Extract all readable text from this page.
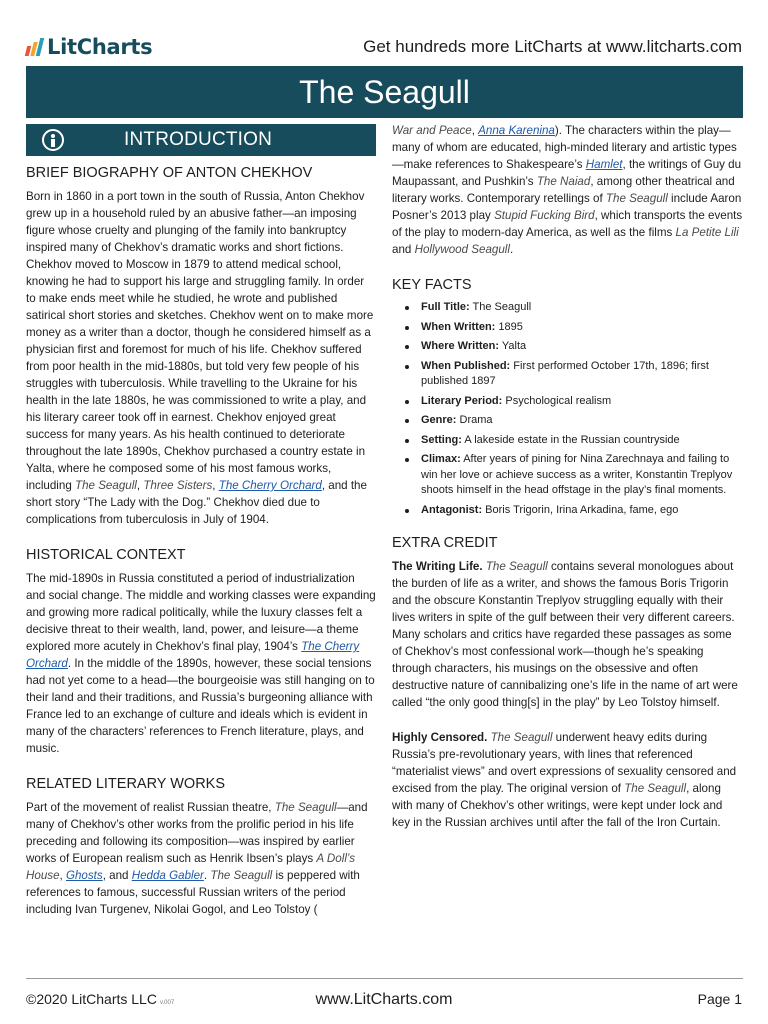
LitCharts	Get hundreds more LitCharts at www.litcharts.com
The Seagull
INTRODUCTION
BRIEF BIOGRAPHY OF ANTON CHEKHOV

Born in 1860 in a port town in the south of Russia, Anton Chekhov grew up in a household ruled by an abusive father—an imposing figure whose cruelty and plunging of the family into bankruptcy inspired many of Chekhov’s dramatic works and short fictions. Chekhov moved to Moscow in 1879 to attend medical school, knowing he had to support his large and struggling family. In order to make ends meet while he studied, he wrote and published satirical short stories and sketches. Chekhov went on to make more money as a writer than a doctor, though he considered himself as a physician first and foremost for much of his life. Chekhov suffered from poor health in the mid-1880s, but told very few people of his struggles with tuberculosis. While travelling to the Ukraine for his health in the late 1880s, he was commissioned to write a play, and his literary career took off in earnest. Chekhov enjoyed great success for many years. As his health continued to deteriorate throughout the late 1890s, Chekhov purchased a country estate in Yalta, where he composed some of his most famous works, including The Seagull, Three Sisters, The Cherry Orchard, and the short story “The Lady with the Dog.” Chekhov died due to complications from tuberculosis in July of 1904.

HISTORICAL CONTEXT

The mid-1890s in Russia constituted a period of industrialization and social change. The middle and working classes were expanding and growing more radical politically, while the luxury classes felt a decisive threat to their wealth, land, power, and leisure—a theme explored more acutely in Chekhov’s final play, 1904’s The Cherry Orchard. In the middle of the 1890s, however, these social tensions had not yet come to a head—the bourgeoisie was still hanging on to their land and their traditions, and Russia’s burgeoning alliance with France led to an exchange of culture and ideals which is evident in many of the characters’ references to French literature, plays, and music.

RELATED LITERARY WORKS

Part of the movement of realist Russian theatre, The Seagull—and many of Chekhov’s other works from the prolific period in his life preceding and following its composition—was inspired by earlier works of European realism such as Henrik Ibsen’s plays A Doll’s House, Ghosts, and Hedda Gabler. The Seagull is peppered with references to famous, successful Russian writers of the period including Ivan Turgenev, Nikolai Gogol, and Leo Tolstoy (

War and Peace, Anna Karenina). The characters within the play—many of whom are educated, high-minded literary and artistic types—make references to Shakespeare’s Hamlet, the writings of Guy du Maupassant, and Pushkin’s The Naiad, among other theatrical and literary works. Contemporary retellings of The Seagull include Aaron Posner’s 2013 play Stupid Fucking Bird, which transports the events of the play to modern-day America, as well as the films La Petite Lili and Hollywood Seagull.

KEY FACTS
Full Title: The Seagull
When Written: 1895
Where Written: Yalta
When Published: First performed October 17th, 1896; first published 1897
Literary Period: Psychological realism
Genre: Drama
Setting: A lakeside estate in the Russian countryside
Climax: After years of pining for Nina Zarechnaya and failing to win her love or achieve success as a writer, Konstantin Treplyov shoots himself in the head offstage in the play’s final moments.
Antagonist: Boris Trigorin, Irina Arkadina, fame, ego
EXTRA CREDIT

The Writing Life. The Seagull contains several monologues about the burden of life as a writer, and shows the famous Boris Trigorin and the obscure Konstantin Treplyov struggling equally with their lives writers in spite of the gulf between their very different careers. Many scholars and critics have regarded these passages as some of Chekhov’s most confessional work—though he’s speaking through characters, his musings on the obsessive and often destructive nature of cannibalizing one’s life in the name of art were called “the only good thing[s] in the play” by Leo Tolstoy himself.

Highly Censored. The Seagull underwent heavy edits during Russia’s pre-revolutionary years, with lines that referenced “materialist views” and overt expressions of sexuality censored and excised from the play. The original version of The Seagull, along with many of Chekhov’s other writings, were kept under lock and key in the Russian archives until after the fall of the Iron Curtain.

©2020 LitCharts LLC v.007	www.LitCharts.com	Page 1
